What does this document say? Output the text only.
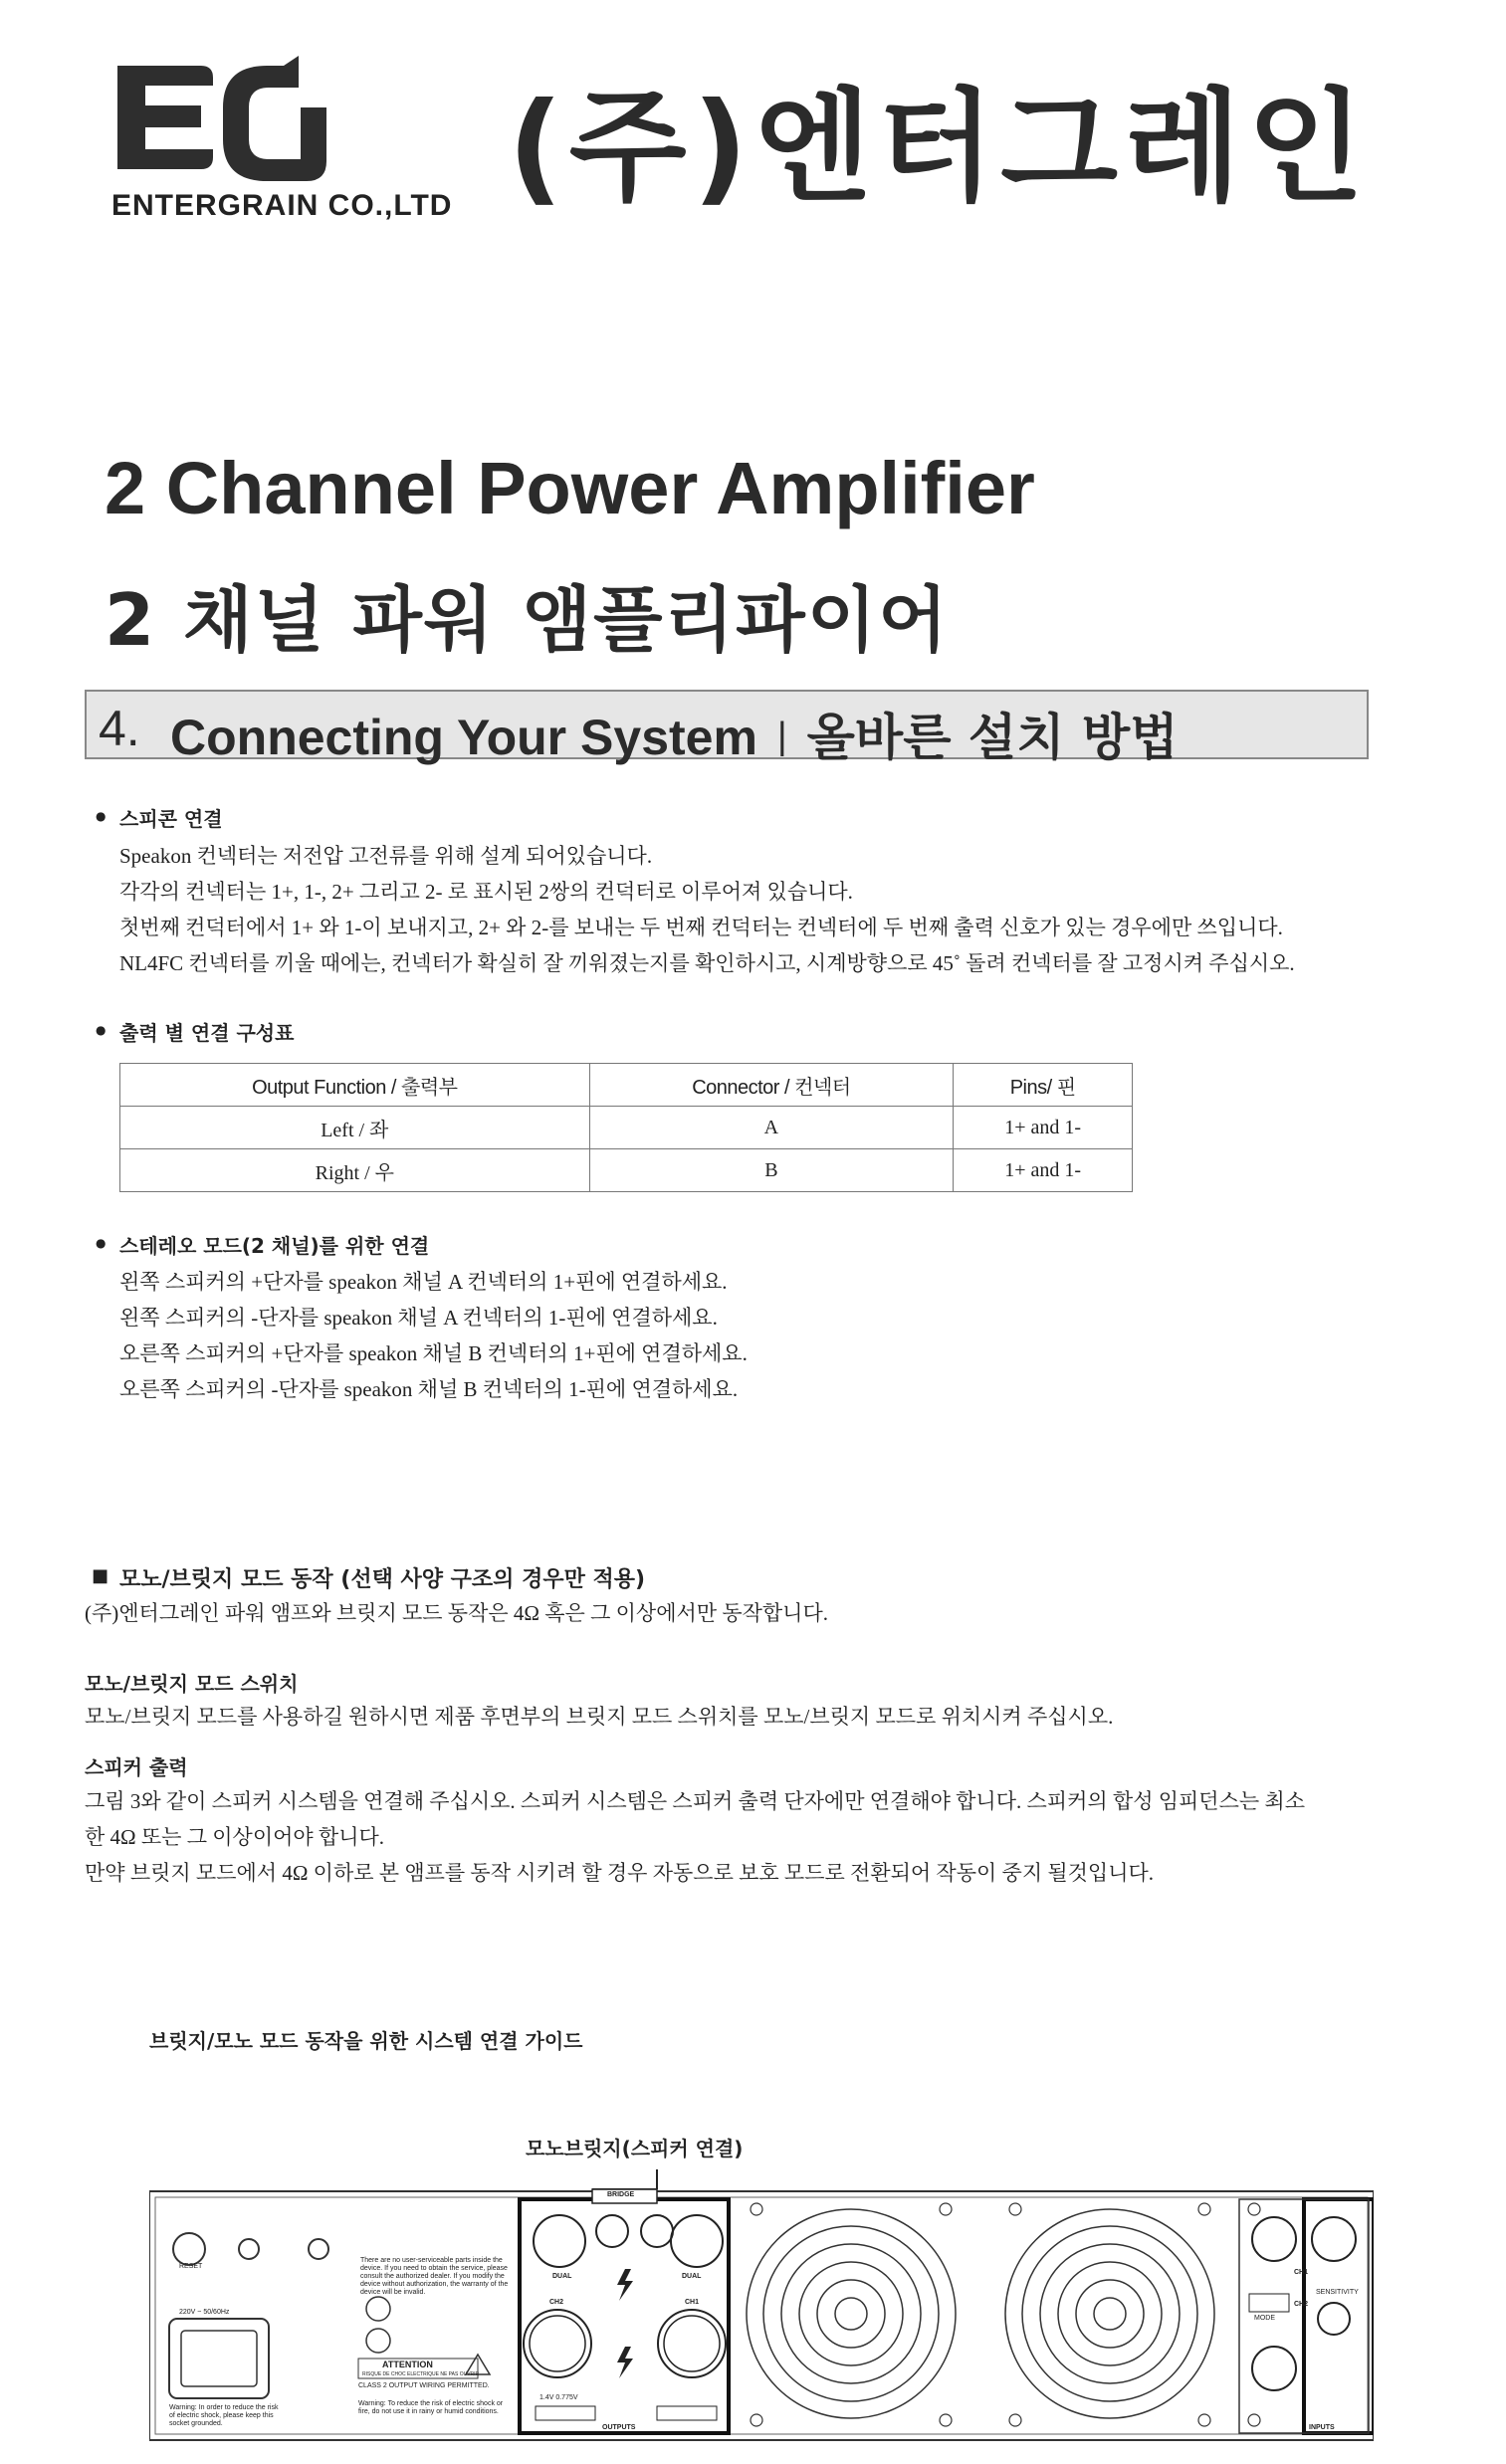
ENTERGRAIN CO.,LTD (주)엔터그레인
2 Channel Power Amplifier
2 채널 파워 앰플리파이어
4. Connecting Your System | 올바른 설치 방법
● 스피콘 연결
Speakon 컨넥터는 저전압 고전류를 위해 설계 되어있습니다.
각각의 컨넥터는 1+, 1-, 2+ 그리고 2- 로 표시된 2쌍의 컨덕터로 이루어져 있습니다.
첫번째 컨덕터에서 1+ 와 1-이 보내지고, 2+ 와 2-를 보내는 두 번째 컨덕터는 컨넥터에 두 번째 출력 신호가 있는 경우에만 쓰입니다.
NL4FC 컨넥터를 끼울 때에는, 컨넥터가 확실히 잘 끼워졌는지를 확인하시고, 시계방향으로 45˚ 돌려 컨넥터를 잘 고정시켜 주십시오.
● 출력 별 연결 구성표
Output Function / 출력부	Connector / 컨넥터	Pins/ 핀
Left / 좌	A	1+ and 1-
Right / 우	B	1+ and 1-
● 스테레오 모드(2 채널)를 위한 연결
왼쪽 스피커의 +단자를 speakon 채널 A 컨넥터의 1+핀에 연결하세요.
왼쪽 스피커의 -단자를 speakon 채널 A 컨넥터의 1-핀에 연결하세요.
오른쪽 스피커의 +단자를 speakon 채널 B 컨넥터의 1+핀에 연결하세요.
오른쪽 스피커의 -단자를 speakon 채널 B 컨넥터의 1-핀에 연결하세요.
■ 모노/브릿지 모드 동작 (선택 사양 구조의 경우만 적용)
(주)엔터그레인 파워 앰프와 브릿지 모드 동작은 4Ω 혹은 그 이상에서만 동작합니다.
모노/브릿지 모드 스위치
모노/브릿지 모드를 사용하길 원하시면 제품 후면부의 브릿지 모드 스위치를 모노/브릿지 모드로 위치시켜 주십시오.
스피커 출력
그림 3와 같이 스피커 시스템을 연결해 주십시오. 스피커 시스템은 스피커 출력 단자에만 연결해야 합니다. 스피커의 합성 임피던스는 최소
한 4Ω 또는 그 이상이어야 합니다.
만약 브릿지 모드에서 4Ω 이하로 본 앰프를 동작 시키려 할 경우 자동으로 보호 모드로 전환되어 작동이 중지 될것입니다.
브릿지/모노 모드 동작을 위한 시스템 연결 가이드
모노브릿지(스피커 연결)
RESET
220V ~ 50/60Hz
Warning: In order to reduce the risk of electric shock, please keep this socket grounded.
There are no user-serviceable parts inside the device. If you need to obtain the service, please consult the authorized dealer. If you modify the device without authorization, the warranty of the device will be invalid.
ATTENTION
RISQUE DE CHOC ELECTRIQUE NE PAS OUVRIR
CLASS 2 OUTPUT WIRING PERMITTED.
Warning: To reduce the risk of electric shock or fire, do not use it in rainy or humid conditions.
BRIDGE
DUAL	DUAL
CH2	CH1
OUTPUTS	INPUTS
MODE
SENSITIVITY
CH1
CH2
1.4V 0.775V
